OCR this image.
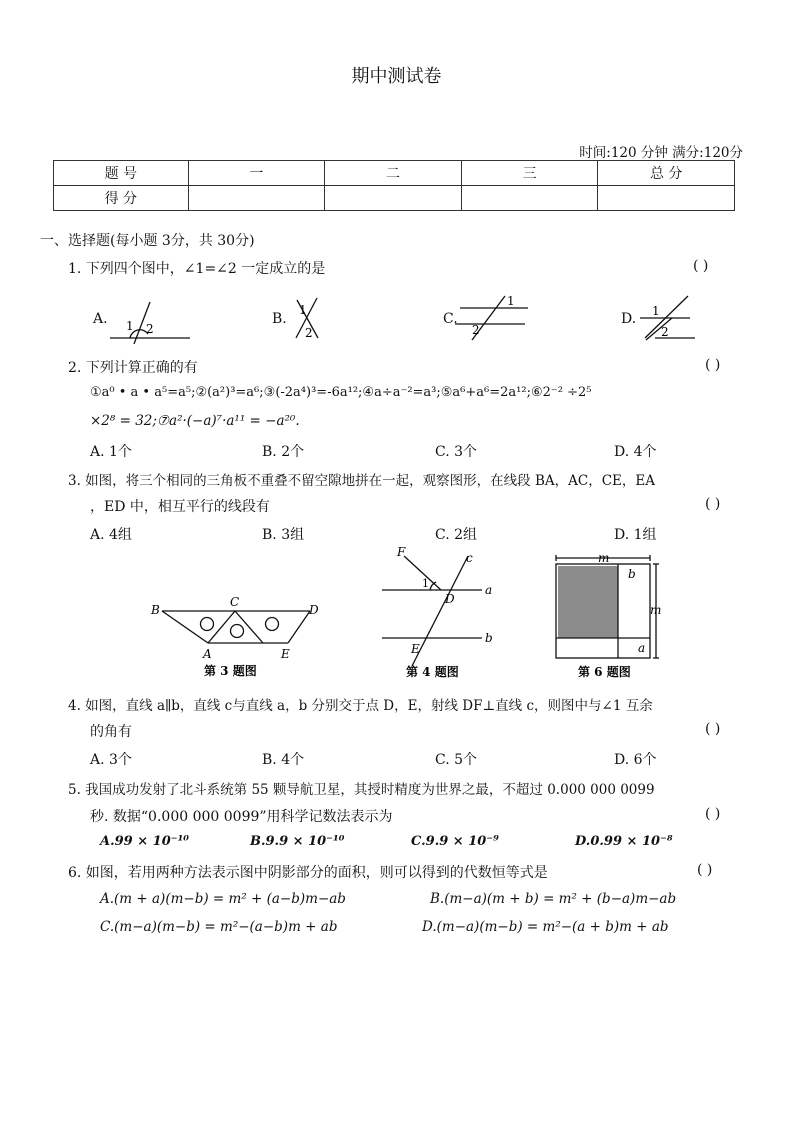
期中测试卷
时间:120 分钟 满分:120分
题 号	一	二	三	总 分
得 分				
一、选择题(每小题 3分，共 30分)
1. 下列四个图中，∠1=∠2 一定成立的是	( )
A.	B.	C.	D.
1 2
1
2
1
2
1
2
2. 下列计算正确的有	( )
①a⁰ • a • a⁵=a⁵;②(a²)³=a⁶;③(-2a⁴)³=-6a¹²;④a÷a⁻²=a³;⑤a⁶+a⁶=2a¹²;⑥2⁻² ÷2⁵
×2⁸ = 32;⑦a²·(−a)⁷·a¹¹ = −a²⁰.
A. 1个	B. 2个	C. 3个	D. 4个
3. 如图，将三个相同的三角板不重叠不留空隙地拼在一起，观察图形，在线段 BA，AC，CE，EA
，ED 中，相互平行的线段有	( )
A. 4组	B. 3组	C. 2组	D. 1组
B
C
D
A	E
第 3 题图
F	c
1
D
a
E
b
第 4 题图
m
b
m
a
第 6 题图
4. 如图，直线 a∥b，直线 c与直线 a，b 分别交于点 D，E，射线 DF⊥直线 c，则图中与∠1 互余
的角有	( )
A. 3个	B. 4个	C. 5个	D. 6个
5. 我国成功发射了北斗系统第 55 颗导航卫星，其授时精度为世界之最，不超过 0.000 000 0099
秒. 数据“0.000 000 0099”用科学记数法表示为	( )
A.99 × 10⁻¹⁰	B.9.9 × 10⁻¹⁰	C.9.9 × 10⁻⁹	D.0.99 × 10⁻⁸
6. 如图，若用两种方法表示图中阴影部分的面积，则可以得到的代数恒等式是	( )
A.(m + a)(m−b) = m² + (a−b)m−ab	B.(m−a)(m + b) = m² + (b−a)m−ab
C.(m−a)(m−b) = m²−(a−b)m + ab	D.(m−a)(m−b) = m²−(a + b)m + ab
